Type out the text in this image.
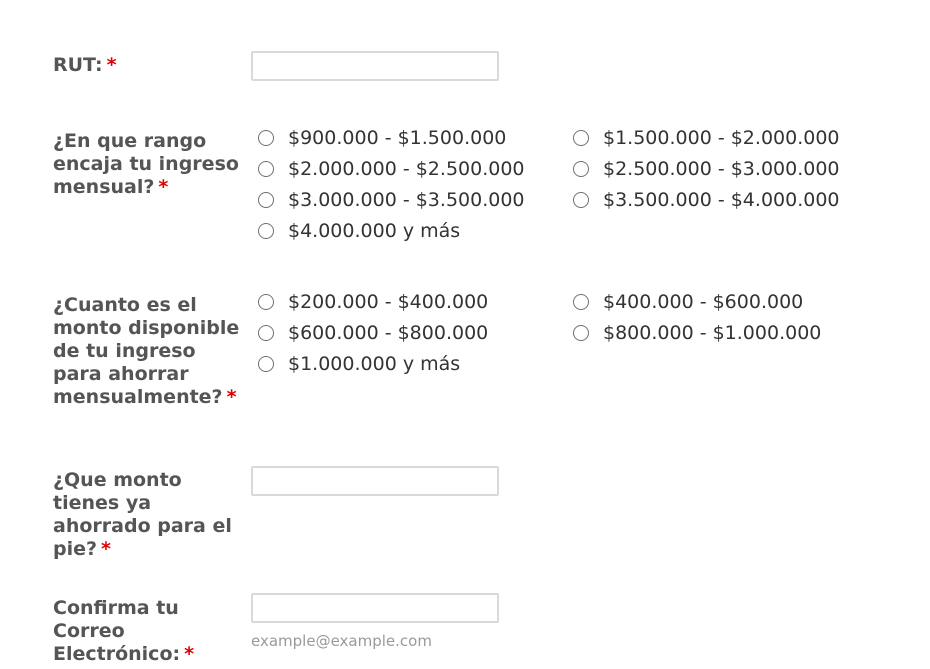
RUT: *
¿En que rango encaja tu ingreso mensual? *
$900.000 - $1.500.000	$1.500.000 - $2.000.000
$2.000.000 - $2.500.000	$2.500.000 - $3.000.000
$3.000.000 - $3.500.000	$3.500.000 - $4.000.000
$4.000.000 y más
¿Cuanto es el monto disponible de tu ingreso para ahorrar mensualmente? *
$200.000 - $400.000	$400.000 - $600.000
$600.000 - $800.000	$800.000 - $1.000.000
$1.000.000 y más
¿Que monto tienes ya ahorrado para el pie? *
Confirma tu Correo Electrónico: *
example@example.com
